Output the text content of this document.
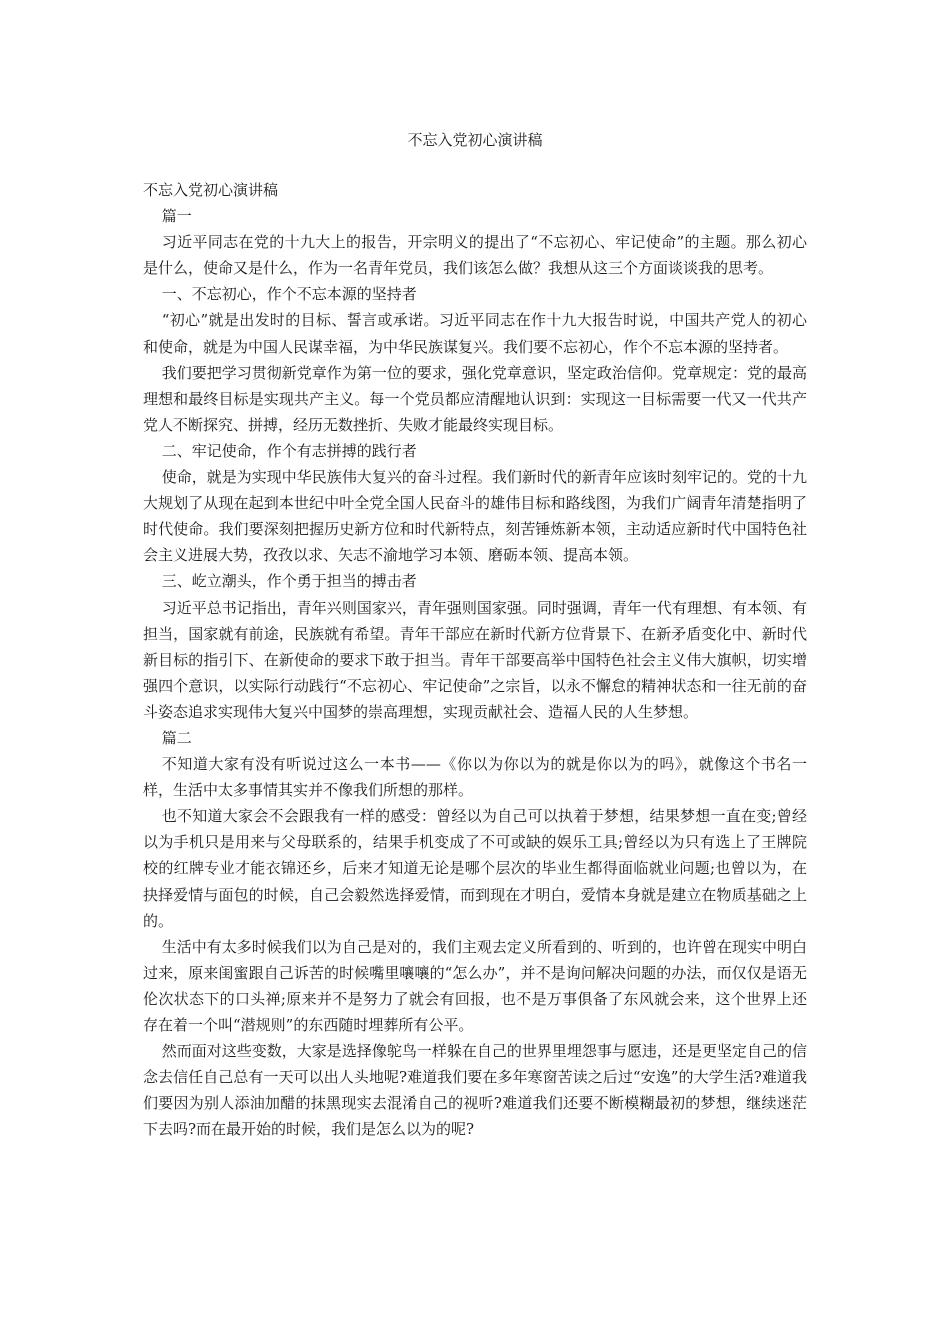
不忘入党初心演讲稿

不忘入党初心演讲稿

篇一

习近平同志在党的十九大上的报告，开宗明义的提出了“不忘初心、牢记使命”的主题。那么初心是什么，使命又是什么，作为一名青年党员，我们该怎么做？我想从这三个方面谈谈我的思考。

一、不忘初心，作个不忘本源的坚持者

“初心”就是出发时的目标、誓言或承诺。习近平同志在作十九大报告时说，中国共产党人的初心和使命，就是为中国人民谋幸福，为中华民族谋复兴。我们要不忘初心，作个不忘本源的坚持者。

我们要把学习贯彻新党章作为第一位的要求，强化党章意识，坚定政治信仰。党章规定：党的最高理想和最终目标是实现共产主义。每一个党员都应清醒地认识到：实现这一目标需要一代又一代共产党人不断探究、拼搏，经历无数挫折、失败才能最终实现目标。

二、牢记使命，作个有志拼搏的践行者

使命，就是为实现中华民族伟大复兴的奋斗过程。我们新时代的新青年应该时刻牢记的。党的十九大规划了从现在起到本世纪中叶全党全国人民奋斗的雄伟目标和路线图，为我们广阔青年清楚指明了时代使命。我们要深刻把握历史新方位和时代新特点，刻苦锤炼新本领，主动适应新时代中国特色社会主义进展大势，孜孜以求、矢志不渝地学习本领、磨砺本领、提高本领。

三、屹立潮头，作个勇于担当的搏击者

习近平总书记指出，青年兴则国家兴，青年强则国家强。同时强调，青年一代有理想、有本领、有担当，国家就有前途，民族就有希望。青年干部应在新时代新方位背景下、在新矛盾变化中、新时代新目标的指引下、在新使命的要求下敢于担当。青年干部要高举中国特色社会主义伟大旗帜，切实增强四个意识，以实际行动践行“不忘初心、牢记使命”之宗旨，以永不懈怠的精神状态和一往无前的奋斗姿态追求实现伟大复兴中国梦的崇高理想，实现贡献社会、造福人民的人生梦想。

篇二

不知道大家有没有听说过这么一本书——《你以为你以为的就是你以为的吗》，就像这个书名一样，生活中太多事情其实并不像我们所想的那样。

也不知道大家会不会跟我有一样的感受：曾经以为自己可以执着于梦想，结果梦想一直在变;曾经以为手机只是用来与父母联系的，结果手机变成了不可或缺的娱乐工具;曾经以为只有选上了王牌院校的红牌专业才能衣锦还乡，后来才知道无论是哪个层次的毕业生都得面临就业问题;也曾以为，在抉择爱情与面包的时候，自己会毅然选择爱情，而到现在才明白，爱情本身就是建立在物质基础之上的。

生活中有太多时候我们以为自己是对的，我们主观去定义所看到的、听到的，也许曾在现实中明白过来，原来闺蜜跟自己诉苦的时候嘴里嚷嚷的“怎么办”，并不是询问解决问题的办法，而仅仅是语无伦次状态下的口头禅;原来并不是努力了就会有回报，也不是万事俱备了东风就会来，这个世界上还存在着一个叫“潜规则”的东西随时埋葬所有公平。

然而面对这些变数，大家是选择像鸵鸟一样躲在自己的世界里埋怨事与愿违，还是更坚定自己的信念去信任自己总有一天可以出人头地呢?难道我们要在多年寒窗苦读之后过“安逸”的大学生活?难道我们要因为别人添油加醋的抹黑现实去混淆自己的视听?难道我们还要不断模糊最初的梦想，继续迷茫下去吗?而在最开始的时候，我们是怎么以为的呢?
